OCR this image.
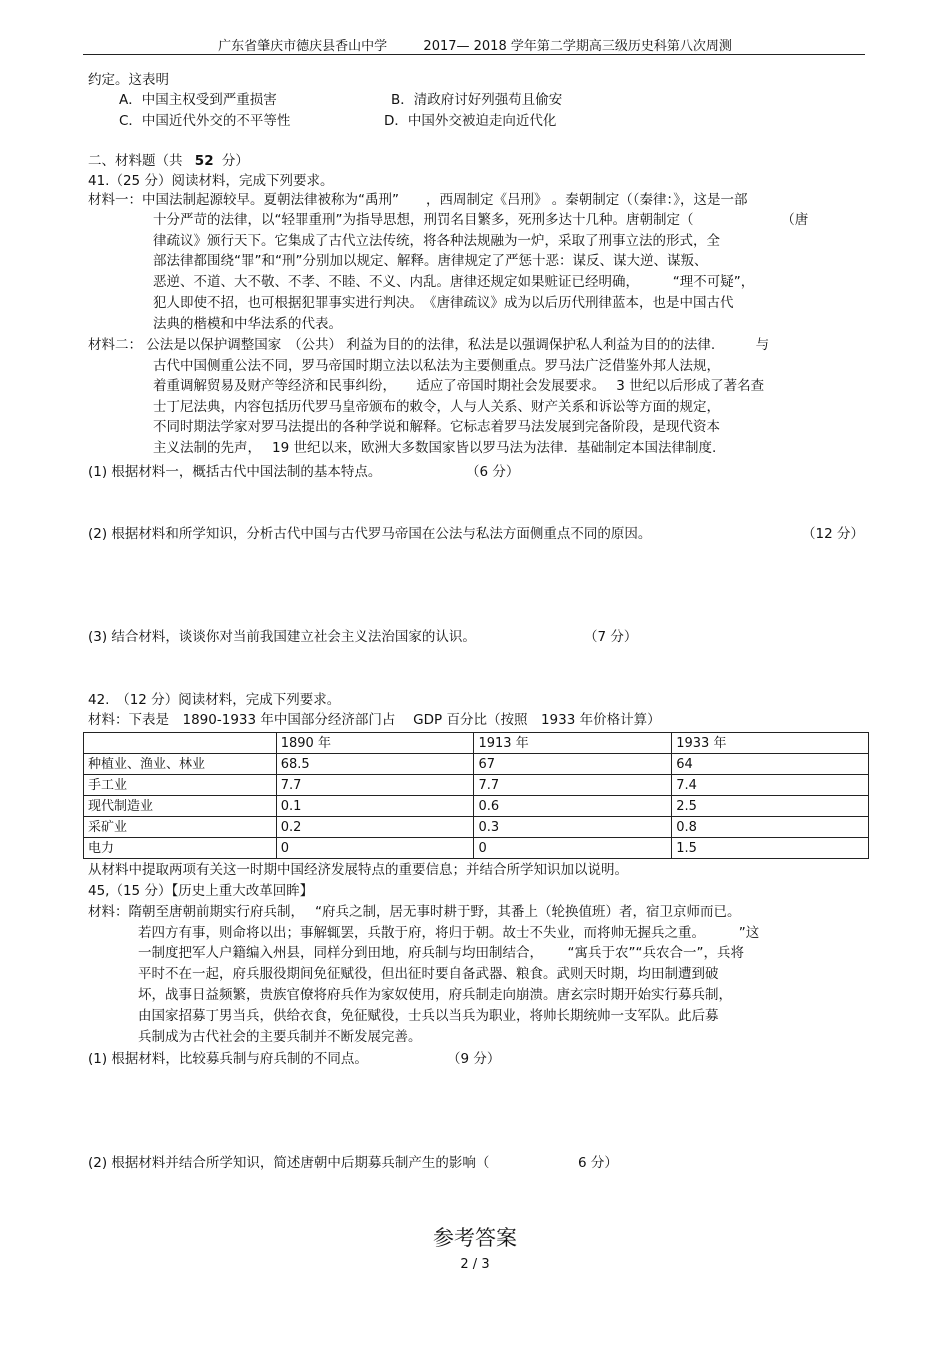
广东省肇庆市德庆县香山中学	2017— 2018 学年第二学期高三级历史科第八次周测
约定。这表明
A．中国主权受到严重损害	B．清政府讨好列强苟且偷安
C．中国近代外交的不平等性	D．中国外交被迫走向近代化
二、材料题（共 52 分）
41.（25 分）阅读材料，完成下列要求。
材料一：中国法制起源较早。夏朝法律被称为“禹刑”　　，西周制定《吕刑》 。秦朝制定（（秦律：》，这是一部
十分严苛的法律，以“轻罪重刑”为指导思想，刑罚名目繁多，死刑多达十几种。唐朝制定（　　　　　　　（唐
律疏议》颁行天下。它集成了古代立法传统，将各种法规融为一炉，采取了刑事立法的形式，全
部法律都围绕“罪”和“刑”分别加以规定、解释。唐律规定了严惩十恶：谋反、谋大逆、谋叛、
恶逆、不道、大不敬、不孝、不睦、不义、内乱。唐律还规定如果赃证已经明确，　　　“理不可疑”，
犯人即使不招，也可根据犯罪事实进行判决。　《唐律疏议》成为以后历代刑律蓝本，也是中国古代
法典的楷模和中华法系的代表。
材料二： 公法是以保护调整国家　（公共） 利益为目的的法律，私法是以强调保护私人利益为目的的法律.　　　与
古代中国侧重公法不同，罗马帝国时期立法以私法为主要侧重点。罗马法广泛借鉴外邦人法规，
着重调解贸易及财产等经济和民事纠纷，　　适应了帝国时期社会发展要求。　 3 世纪以后形成了著名查
士丁尼法典，内容包括历代罗马皇帝颁布的敕令，人与人关系、财产关系和诉讼等方面的规定，
不同时期法学家对罗马法提出的各种学说和解释。它标志着罗马法发展到完备阶段，是现代资本
主义法制的先声，　 19 世纪以来，欧洲大多数国家皆以罗马法为法律．基础制定本国法律制度.
(1) 根据材料一，概括古代中国法制的基本特点。	（6 分）
(2) 根据材料和所学知识，分析古代中国与古代罗马帝国在公法与私法方面侧重点不同的原因。	（12 分）
(3) 结合材料，谈谈你对当前我国建立社会主义法治国家的认识。	（7 分）
42.　（12 分）阅读材料，完成下列要求。
材料：下表是　1890-1933 年中国部分经济部门占　 GDP 百分比（按照　1933 年价格计算）
	1890 年	1913 年	1933 年
种植业、渔业、林业	68.5	67	64
手工业	7.7	7.7	7.4
现代制造业	0.1	0.6	2.5
采矿业	0.2	0.3	0.8
电力	0	0	1.5
从材料中提取两项有关这一时期中国经济发展特点的重要信息；并结合所学知识加以说明。
45,（15 分）【历史上重大改革回眸】
材料：隋朝至唐朝前期实行府兵制，　 “府兵之制，居无事时耕于野，其番上（轮换值班）者，宿卫京师而已。
若四方有事，则命将以出；事解辄罢，兵散于府，将归于朝。故士不失业，而将帅无握兵之重。　　　”这
一制度把军人户籍编入州县，同样分到田地，府兵制与均田制结合，　　 “寓兵于农”“兵农合一”，兵将
平时不在一起，府兵服役期间免征赋役，但出征时要自备武器、粮食。武则天时期，均田制遭到破
坏，战事日益频繁，贵族官僚将府兵作为家奴使用，府兵制走向崩溃。唐玄宗时期开始实行募兵制，
由国家招募丁男当兵，供给衣食，免征赋役，士兵以当兵为职业，将帅长期统帅一支军队。此后募
兵制成为古代社会的主要兵制并不断发展完善。
(1) 根据材料，比较募兵制与府兵制的不同点。	（9 分）
(2) 根据材料并结合所学知识，简述唐朝中后期募兵制产生的影响（	6 分）
参考答案
2 / 3
